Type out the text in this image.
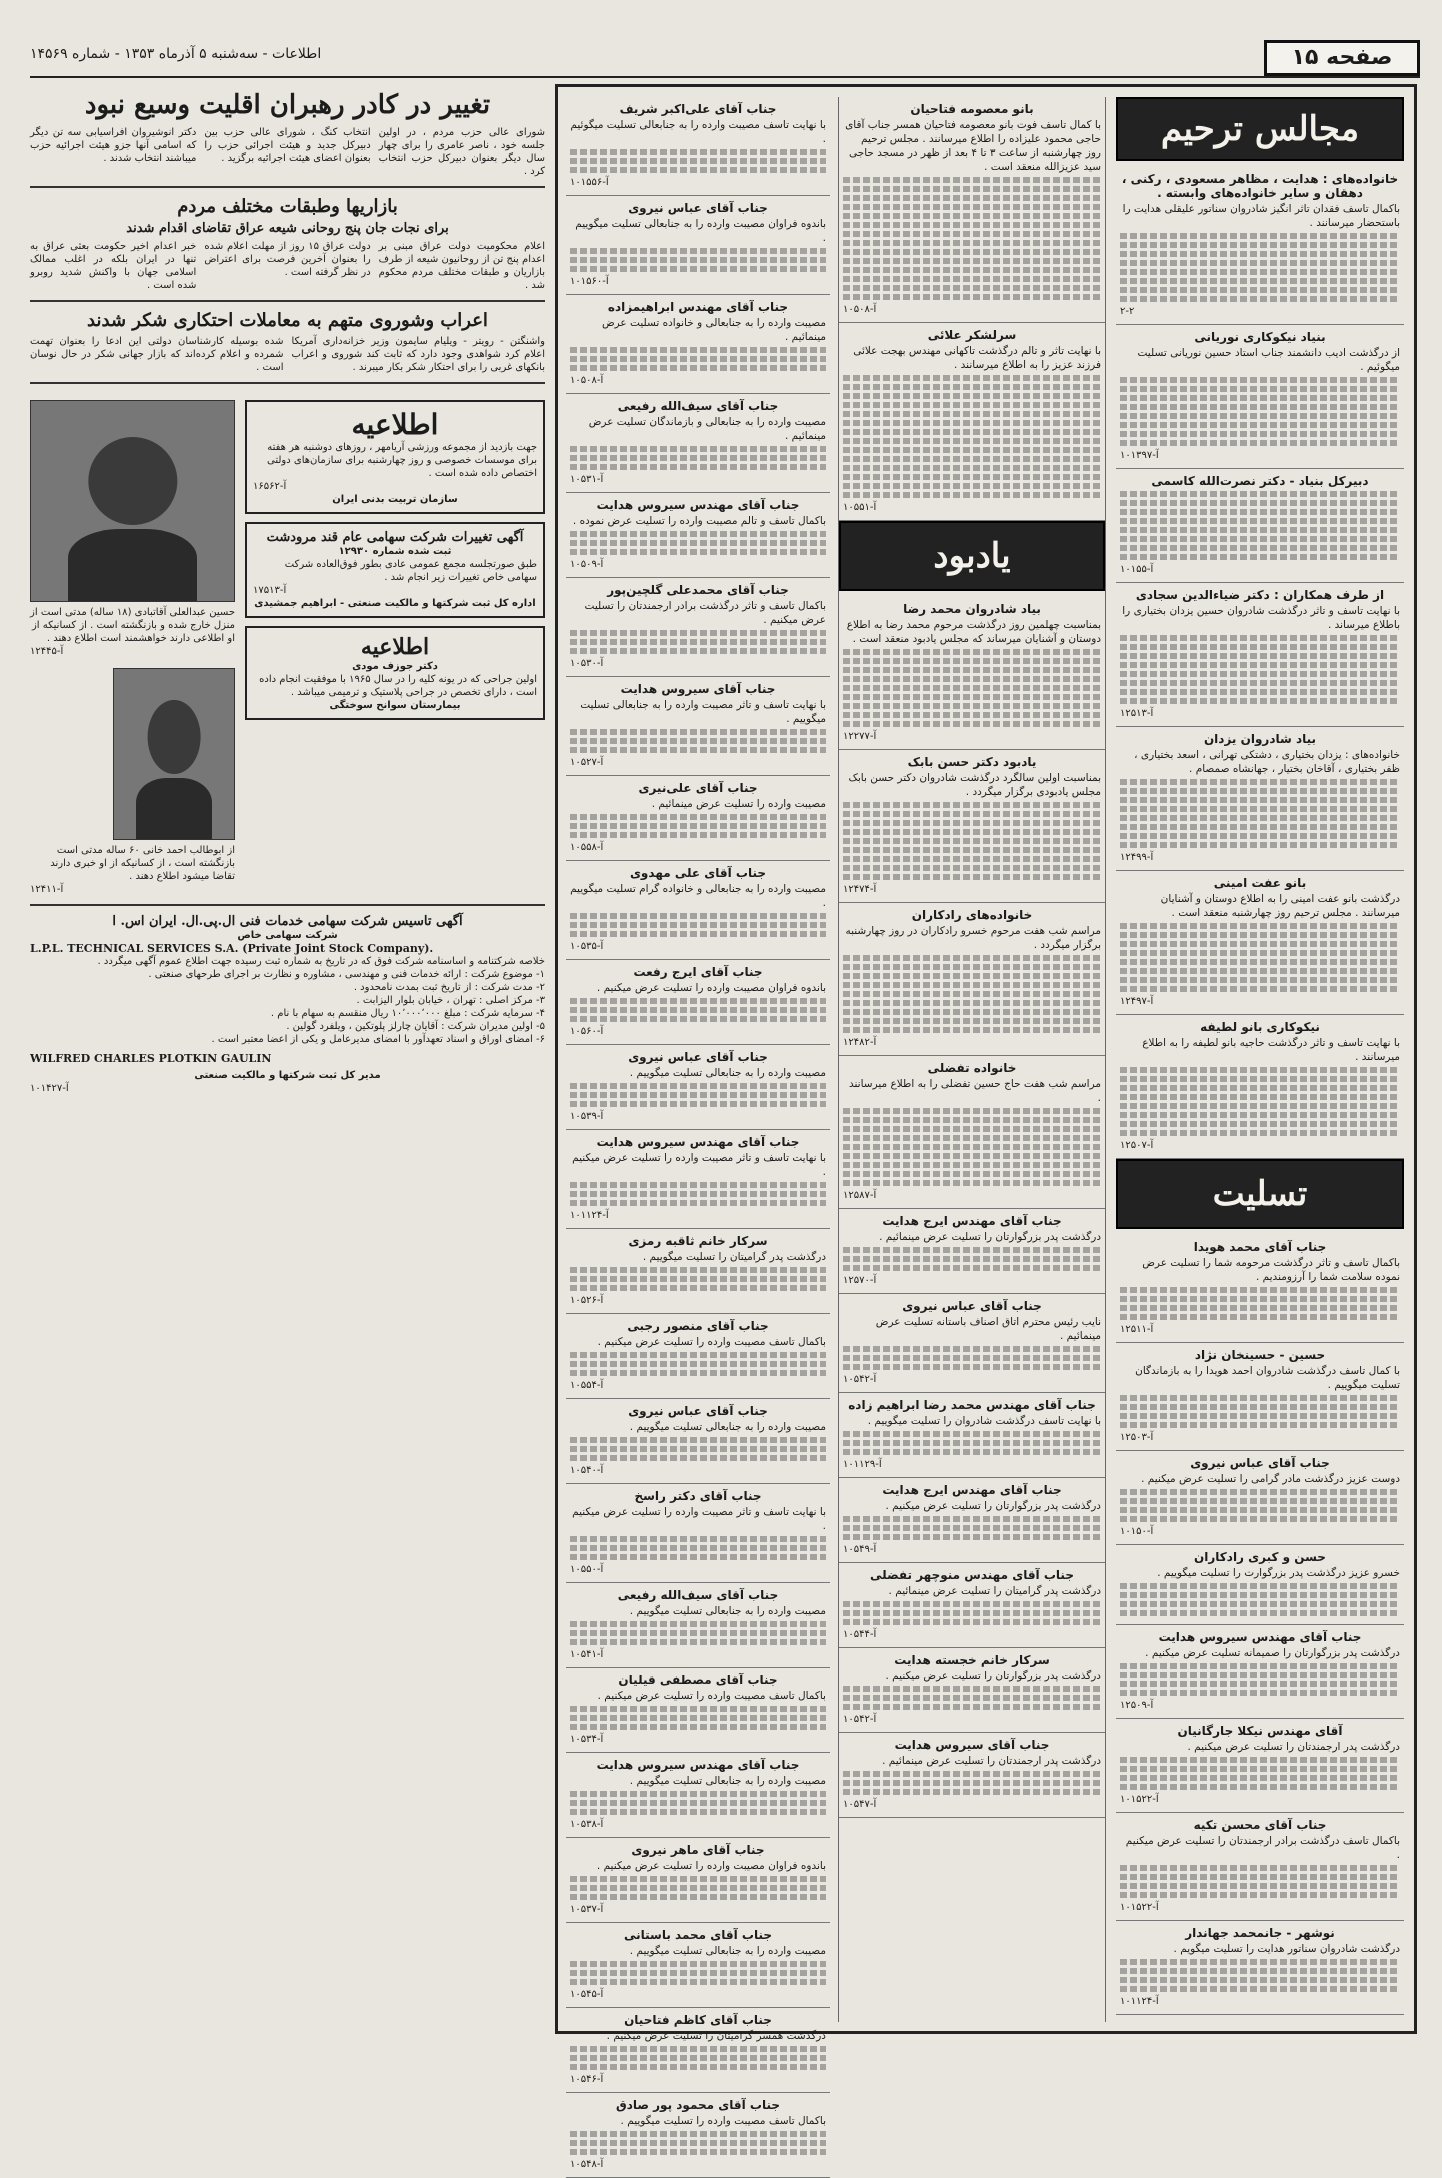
صفحه ۱۵
اطلاعات - سه‌شنبه ۵ آذرماه ۱۳۵۳ - شماره ۱۴۵۶۹
مجالس ترحیم
خانواده‌های : هدایت ، مظاهر مسعودی ، رکنی ، دهقان و سایر خانواده‌های وابسته .
باکمال تاسف فقدان تاثر انگیز شادروان سناتور علیقلی هدایت را باستحضار میرسانند .
۲-۲
بنیاد نیکوکاری نوریانی
از درگذشت ادیب دانشمند جناب استاد حسین نوریانی تسلیت میگوئیم .
آ-۱۰۱۳۹۷
دبیرکل بنیاد - دکتر نصرت‌الله کاسمی
آ-۱۰۱۵۵
از طرف همکاران : دکتر ضیاءالدین سجادی
با نهایت تاسف و تاثر درگذشت شادروان حسین یزدان بختیاری را باطلاع میرساند .
آ-۱۲۵۱۳
بیاد شادروان یزدان
خانواده‌های : یزدان بختیاری ، دشتکی تهرانی ، اسعد بختیاری ، ظفر بختیاری ، آقاخان بختیار ، جهانشاه صمصام .
آ-۱۲۴۹۹
بانو عفت امینی
درگذشت بانو عفت امینی را به اطلاع دوستان و آشنایان میرسانند . مجلس ترحیم روز چهارشنبه منعقد است .
آ-۱۲۴۹۷
نیکوکاری بانو لطیفه
با نهایت تاسف و تاثر درگذشت حاجیه بانو لطیفه را به اطلاع میرسانند .
آ-۱۲۵۰۷
تسلیت
جناب آقای محمد هویدا
باکمال تاسف و تاثر درگذشت مرحومه شما را تسلیت عرض نموده سلامت شما را آرزومندیم .
آ-۱۲۵۱۱
حسین - حسینخان نژاد
با کمال تاسف درگذشت شادروان احمد هویدا را به بازماندگان تسلیت میگوییم .
آ-۱۲۵۰۳
جناب آقای عباس نیروی
دوست عزیز درگذشت مادر گرامی را تسلیت عرض میکنیم .
آ-۱۰۱۵۰
حسن و کبری رادکاران
خسرو عزیز درگذشت پدر بزرگوارت را تسلیت میگوییم .
جناب آقای مهندس سیروس هدایت
درگذشت پدر بزرگوارتان را صمیمانه تسلیت عرض میکنیم .
آ-۱۲۵۰۹
آقای مهندس نیکلا جارگانیان
درگذشت پدر ارجمندتان را تسلیت عرض میکنیم .
آ-۱۰۱۵۲۲
جناب آقای محسن تکیه
باکمال تاسف درگذشت برادر ارجمندتان را تسلیت عرض میکنیم .
آ-۱۰۱۵۲۲
نوشهر - جانمحمد جهاندار
درگذشت شادروان سناتور هدایت را تسلیت میگویم .
آ-۱۰۱۱۲۴
بانو معصومه فتاحیان
با کمال تاسف فوت بانو معصومه فتاحیان همسر جناب آقای حاجی محمود علیزاده را اطلاع میرسانند . مجلس ترحیم روز چهارشنبه از ساعت ۳ تا ۴ بعد از ظهر در مسجد حاجی سید عزیزالله منعقد است .
آ-۱۰۵۰۸
سرلشکر علائی
با نهایت تاثر و تالم درگذشت تاکهانی مهندس بهجت علائی فرزند عزیز را به اطلاع میرسانند .
آ-۱۰۵۵۱
یادبود
بیاد شادروان محمد رضا
بمناسبت چهلمین روز درگذشت مرحوم محمد رضا به اطلاع دوستان و آشنایان میرساند که مجلس یادبود منعقد است .
آ-۱۲۲۷۷
یادبود دکتر حسن بابک
بمناسبت اولین سالگرد درگذشت شادروان دکتر حسن بابک مجلس یادبودی برگزار میگردد .
آ-۱۲۴۷۴
خانواده‌های رادکاران
مراسم شب هفت مرحوم خسرو رادکاران در روز چهارشنبه برگزار میگردد .
آ-۱۲۴۸۲
خانواده تفضلی
مراسم شب هفت حاج حسین تفضلی را به اطلاع میرسانند .
آ-۱۲۵۸۷
جناب آقای مهندس ایرج هدایت
درگذشت پدر بزرگوارتان را تسلیت عرض مینمائیم .
آ-۱۲۵۷۰
جناب آقای عباس نیروی
نایب رئیس محترم اتاق اصناف باستانه تسلیت عرض مینمائیم .
آ-۱۰۵۴۲
جناب آقای مهندس محمد رضا ابراهیم زاده
با نهایت تاسف درگذشت شادروان را تسلیت میگوییم .
آ-۱۰۱۱۲۹
جناب آقای مهندس ایرج هدایت
درگذشت پدر بزرگوارتان را تسلیت عرض میکنیم .
آ-۱۰۵۴۹
جناب آقای مهندس منوچهر تفضلی
درگذشت پدر گرامیتان را تسلیت عرض مینمائیم .
آ-۱۰۵۴۴
سرکار خانم خجسته هدایت
درگذشت پدر بزرگوارتان را تسلیت عرض میکنیم .
آ-۱۰۵۴۲
جناب آقای سیروس هدایت
درگذشت پدر ارجمندتان را تسلیت عرض مینمائیم .
آ-۱۰۵۴۷
جناب آقای علی‌اکبر شریف
با نهایت تاسف مصیبت وارده را به جنابعالی تسلیت میگوئیم .
آ-۱۰۱۵۵۶
جناب آقای عباس نیروی
باندوه فراوان مصیبت وارده را به جنابعالی تسلیت میگوییم .
آ-۱۰۱۵۶۰
جناب آقای مهندس ابراهیمزاده
مصیبت وارده را به جنابعالی و خانواده تسلیت عرض مینمائیم .
آ-۱۰۵۰۸
جناب آقای سیف‌الله رفیعی
مصیبت وارده را به جنابعالی و بازماندگان تسلیت عرض مینمائیم .
آ-۱۰۵۳۱
جناب آقای مهندس سیروس هدایت
باکمال تاسف و تالم مصیبت وارده را تسلیت عرض نموده .
آ-۱۰۵۰۹
جناب آقای محمدعلی گلچین‌پور
باکمال تاسف و تاثر درگذشت برادر ارجمندتان را تسلیت عرض میکنیم .
آ-۱۰۵۳۰
جناب آقای سیروس هدایت
با نهایت تاسف و تاثر مصیبت وارده را به جنابعالی تسلیت میگوییم .
آ-۱۰۵۲۷
جناب آقای علی‌نیری
مصیبت وارده را تسلیت عرض مینمائیم .
آ-۱۰۵۵۸
جناب آقای علی مهدوی
مصیبت وارده را به جنابعالی و خانواده گرام تسلیت میگوییم .
آ-۱۰۵۳۵
جناب آقای ایرج رفعت
باندوه فراوان مصیبت وارده را تسلیت عرض میکنیم .
آ-۱۰۵۶۰
جناب آقای عباس نیروی
مصیبت وارده را به جنابعالی تسلیت میگوییم .
آ-۱۰۵۳۹
جناب آقای مهندس سیروس هدایت
با نهایت تاسف و تاثر مصیبت وارده را تسلیت عرض میکنیم .
آ-۱۰۱۱۲۴
سرکار خانم ثاقبه رمزی
درگذشت پدر گرامیتان را تسلیت میگوییم .
آ-۱۰۵۲۶
جناب آقای منصور رجبی
باکمال تاسف مصیبت وارده را تسلیت عرض میکنیم .
آ-۱۰۵۵۴
جناب آقای عباس نیروی
مصیبت وارده را به جنابعالی تسلیت میگوییم .
آ-۱۰۵۴۰
جناب آقای دکتر راسخ
با نهایت تاسف و تاثر مصیبت وارده را تسلیت عرض میکنیم .
آ-۱۰۵۵۰
جناب آقای سیف‌الله رفیعی
مصیبت وارده را به جنابعالی تسلیت میگوییم .
آ-۱۰۵۴۱
جناب آقای مصطفی قیلیان
باکمال تاسف مصیبت وارده را تسلیت عرض میکنیم .
آ-۱۰۵۳۴
جناب آقای مهندس سیروس هدایت
مصیبت وارده را به جنابعالی تسلیت میگوییم .
آ-۱۰۵۳۸
جناب آقای ماهر نیروی
باندوه فراوان مصیبت وارده را تسلیت عرض میکنیم .
آ-۱۰۵۳۷
جناب آقای محمد باستانی
مصیبت وارده را به جنابعالی تسلیت میگوییم .
آ-۱۰۵۴۵
جناب آقای کاظم فتاحیان
درگذشت همسر گرامیتان را تسلیت عرض میکنیم .
آ-۱۰۵۴۶
جناب آقای محمود پور صادق
باکمال تاسف مصیبت وارده را تسلیت میگوییم .
آ-۱۰۵۴۸
تغییر در کادر رهبران اقلیت وسیع نبود
شورای عالی حزب مردم ، در اولین جلسه خود ، ناصر عامری را برای چهار سال دیگر بعنوان دبیرکل حزب انتخاب کرد .
انتخاب کنگ ، شورای عالی حزب بین دبیرکل جدید و هیئت اجرائی حزب را بعنوان اعضای هیئت اجرائیه برگزید .
دکتر انوشیروان افراسیابی سه تن دیگر که اسامی آنها جزو هیئت اجرائیه حزب میباشند انتخاب شدند .
بازاریها وطبقات مختلف مردم
برای نجات جان پنج روحانی شیعه عراق تقاضای اقدام شدند
اعلام محکومیت دولت عراق مبنی بر اعدام پنج تن از روحانیون شیعه از طرف بازاریان و طبقات مختلف مردم محکوم شد .
دولت عراق ۱۵ روز از مهلت اعلام شده را بعنوان آخرین فرصت برای اعتراض در نظر گرفته است .
خبر اعدام اخیر حکومت بعثی عراق به تنها در ایران بلکه در اغلب ممالک اسلامی جهان با واکنش شدید روبرو شده است .
اعراب وشوروی متهم به معاملات احتکاری شکر شدند
واشنگتن - رویتر - ویلیام سایمون وزیر خزانه‌داری آمریکا اعلام کرد شواهدی وجود دارد که ثابت کند شوروی و اعراب بانکهای غربی را برای احتکار شکر بکار میبرند .
شده بوسیله کارشناسان دولتی این ادعا را بعنوان تهمت شمرده و اعلام کرده‌اند که بازار جهانی شکر در حال نوسان است .
اطلاعیه
جهت بازدید از مجموعه ورزشی آریامهر ، روزهای دوشنبه هر هفته برای موسسات خصوصی و روز چهارشنبه برای سازمان‌های دولتی اختصاص داده شده است .
آ-۱۶۵۶۲
سازمان تربیت بدنی ایران
آگهی تغییرات شرکت سهامی عام قند مرودشت
ثبت شده شماره ۱۲۹۳۰
طبق صورتجلسه مجمع عمومی عادی بطور فوق‌العاده شرکت سهامی خاص تغییرات زیر انجام شد .
آ-۱۷۵۱۳
اداره کل ثبت شرکتها و مالکیت صنعتی - ابراهیم جمشیدی
اطلاعیه
دکتر جوزف مودی
اولین جراحی که در یونه کلیه را در سال ۱۹۶۵ با موفقیت انجام داده است ، دارای تخصص در جراحی پلاستیک و ترمیمی میباشد .
بیمارستان سوانح سوختگی
حسین عبدالعلی آقاتبادی (۱۸ ساله) مدتی است از منزل خارج شده و بازنگشته است . از کسانیکه از او اطلاعی دارند خواهشمند است اطلاع دهند .
آ-۱۲۴۴۵
از ابوطالب احمد خانی ۶۰ ساله مدتی است بازنگشته است ، از کسانیکه از او خبری دارند تقاضا میشود اطلاع دهند .
آ-۱۲۴۱۱
آگهی تاسیس شرکت سهامی خدمات فنی ال.پی.ال. ایران اس. ا
شرکت سهامی خاص
L.P.L. TECHNICAL SERVICES S.A. (Private Joint Stock Company).
خلاصه شرکتنامه و اساسنامه شرکت فوق که در تاریخ به شماره ثبت رسیده جهت اطلاع عموم آگهی میگردد .
۱- موضوع شرکت : ارائه خدمات فنی و مهندسی ، مشاوره و نظارت بر اجرای طرحهای صنعتی .
۲- مدت شرکت : از تاریخ ثبت بمدت نامحدود .
۳- مرکز اصلی : تهران ، خیابان بلوار الیزابت .
۴- سرمایه شرکت : مبلغ ۱۰٬۰۰۰٬۰۰۰ ریال منقسم به سهام با نام .
۵- اولین مدیران شرکت : آقایان چارلز پلوتکین ، ویلفرد گولین .
۶- امضای اوراق و اسناد تعهدآور با امضای مدیرعامل و یکی از اعضا معتبر است .
WILFRED CHARLES PLOTKIN GAULIN
مدیر کل ثبت شرکتها و مالکیت صنعتی
آ-۱۰۱۴۲۷
